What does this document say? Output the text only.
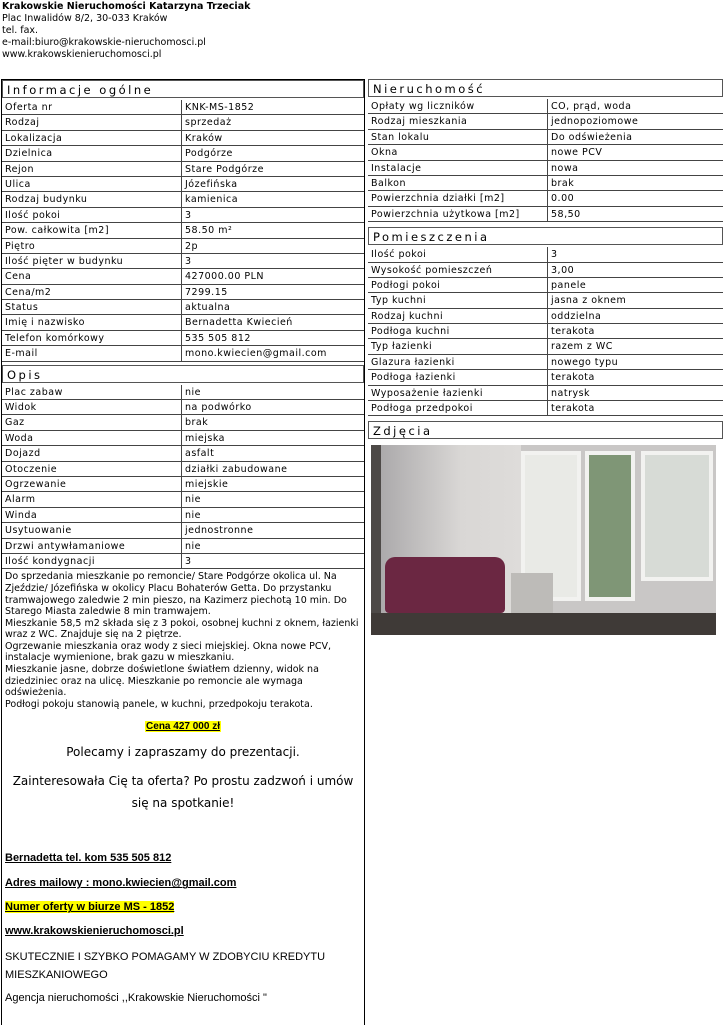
Krakowskie Nieruchomości Katarzyna Trzeciak
Plac Inwalidów 8/2, 30-033 Kraków
tel. fax.
e-mail:biuro@krakowskie-nieruchomosci.pl
www.krakowskienieruchomosci.pl
Informacje ogólne
Oferta nr	KNK-MS-1852
Rodzaj	sprzedaż
Lokalizacja	Kraków
Dzielnica	Podgórze
Rejon	Stare Podgórze
Ulica	Józefińska
Rodzaj budynku	kamienica
Ilość pokoi	3
Pow. całkowita [m2]	58.50 m²
Piętro	2p
Ilość pięter w budynku	3
Cena	427000.00 PLN
Cena/m2	7299.15
Status	aktualna
Imię i nazwisko	Bernadetta Kwiecień
Telefon komórkowy	535 505 812
E-mail	mono.kwiecien@gmail.com
Opis
Plac zabaw	nie
Widok	na podwórko
Gaz	brak
Woda	miejska
Dojazd	asfalt
Otoczenie	działki zabudowane
Ogrzewanie	miejskie
Alarm	nie
Winda	nie
Usytuowanie	jednostronne
Drzwi antywłamaniowe	nie
Ilość kondygnacji	3

Do sprzedania mieszkanie po remoncie/ Stare Podgórze okolica ul. Na Zjeździe/ Józefińska w okolicy Placu Bohaterów Getta. Do przystanku tramwajowego zaledwie 2 min pieszo, na Kazimerz piechotą 10 min. Do Starego Miasta zaledwie 8 min tramwajem.

Mieszkanie 58,5 m2 składa się z 3 pokoi, osobnej kuchni z oknem, łazienki wraz z WC. Znajduje się na 2 piętrze.

Ogrzewanie mieszkania oraz wody z sieci miejskiej. Okna nowe PCV, instalacje wymienione, brak gazu w mieszkaniu.

Mieszkanie jasne, dobrze doświetlone światłem dzienny, widok na dziedziniec oraz na ulicę. Mieszkanie po remoncie ale wymaga odświeżenia.

Podłogi pokoju stanowią panele, w kuchni, przedpokoju terakota.

Cena 427 000 zł
Polecamy i zapraszamy do prezentacji.
Zainteresowała Cię ta oferta? Po prostu zadzwoń i umów się na spotkanie!
Bernadetta tel. kom 535 505 812
Adres mailowy : mono.kwiecien@gmail.com
Numer oferty w biurze MS - 1852
www.krakowskienieruchomosci.pl
SKUTECZNIE I SZYBKO POMAGAMY W ZDOBYCIU KREDYTU MIESZKANIOWEGO
Agencja nieruchomości ,,Krakowskie Nieruchomości "
Nieruchomość
Opłaty wg liczników	CO, prąd, woda
Rodzaj mieszkania	jednopoziomowe
Stan lokalu	Do odświeżenia
Okna	nowe PCV
Instalacje	nowa
Balkon	brak
Powierzchnia działki [m2]	0.00
Powierzchnia użytkowa [m2]	58,50
Pomieszczenia
Ilość pokoi	3
Wysokość pomieszczeń	3,00
Podłogi pokoi	panele
Typ kuchni	jasna z oknem
Rodzaj kuchni	oddzielna
Podłoga kuchni	terakota
Typ łazienki	razem z WC
Glazura łazienki	nowego typu
Podłoga łazienki	terakota
Wyposażenie łazienki	natrysk
Podłoga przedpokoi	terakota
Zdjęcia
